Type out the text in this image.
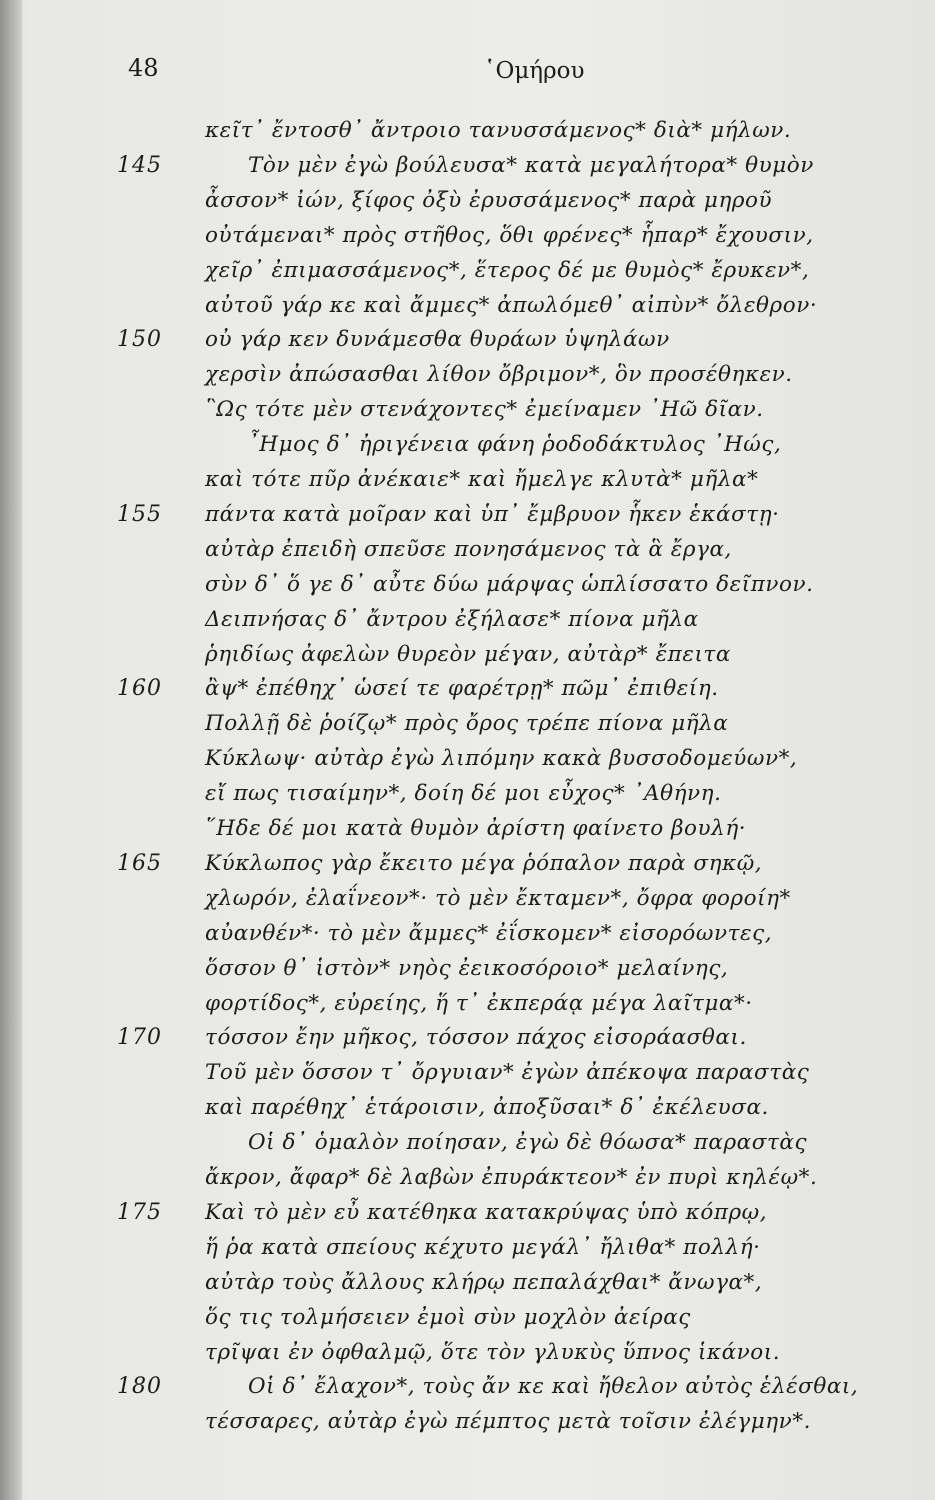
48	῾Ομήρου
κεῖτ᾽ ἔντοσθ᾽ ἄντροιο τανυσσάμενος* διὰ* μήλων.
145	Τὸν μὲν ἐγὼ βούλευσα* κατὰ μεγαλήτορα* θυμὸν
ἆσσον* ἰών, ξίφος ὀξὺ ἐρυσσάμενος* παρὰ μηροῦ
οὐτάμεναι* πρὸς στῆθος, ὅθι φρένες* ἧπαρ* ἔχουσιν,
χεῖρ᾽ ἐπιμασσάμενος*, ἕτερος δέ με θυμὸς* ἔρυκεν*,
αὐτοῦ γάρ κε καὶ ἄμμες* ἀπωλόμεθ᾽ αἰπὺν* ὄλεθρον·
150 οὐ γάρ κεν δυνάμεσθα θυράων ὑψηλάων
χερσὶν ἀπώσασθαι λίθον ὄβριμον*, ὃν προσέθηκεν.
῝Ως τότε μὲν στενάχοντες* ἐμείναμεν ᾿Ηῶ δῖαν.
῏Ημος δ᾽ ἠριγένεια φάνη ῥοδοδάκτυλος ᾿Ηώς,
καὶ τότε πῦρ ἀνέκαιε* καὶ ἤμελγε κλυτὰ* μῆλα*
155 πάντα κατὰ μοῖραν καὶ ὑπ᾽ ἔμβρυον ἧκεν ἑκάστῃ·
αὐτὰρ ἐπειδὴ σπεῦσε πονησάμενος τὰ ἃ ἔργα,
σὺν δ᾽ ὅ γε δ᾽ αὖτε δύω μάρψας ὡπλίσσατο δεῖπνον.
Δειπνήσας δ᾽ ἄντρου ἐξήλασε* πίονα μῆλα
ῥηιδίως ἀφελὼν θυρεὸν μέγαν, αὐτὰρ* ἔπειτα
160 ἂψ* ἐπέθηχ᾽ ὡσεί τε φαρέτρῃ* πῶμ᾽ ἐπιθείη.
Πολλῇ δὲ ῥοίζῳ* πρὸς ὄρος τρέπε πίονα μῆλα
Κύκλωψ· αὐτὰρ ἐγὼ λιπόμην κακὰ βυσσοδομεύων*,
εἴ πως τισαίμην*, δοίη δέ μοι εὖχος* ᾿Αθήνη.
῞Ηδε δέ μοι κατὰ θυμὸν ἀρίστη φαίνετο βουλή·
165 Κύκλωπος γὰρ ἔκειτο μέγα ῥόπαλον παρὰ σηκῷ,
χλωρόν, ἐλαΐνεον*· τὸ μὲν ἔκταμεν*, ὄφρα φοροίη*
αὐανθέν*· τὸ μὲν ἄμμες* ἐΐσκομεν* εἰσορόωντες,
ὅσσον θ᾽ ἱστὸν* νηὸς ἐεικοσόροιο* μελαίνης,
φορτίδος*, εὐρείης, ἥ τ᾽ ἐκπεράᾳ μέγα λαῖτμα*·
170 τόσσον ἔην μῆκος, τόσσον πάχος εἰσοράασθαι.
Τοῦ μὲν ὅσσον τ᾽ ὄργυιαν* ἐγὼν ἀπέκοψα παραστὰς
καὶ παρέθηχ᾽ ἑτάροισιν, ἀποξῦσαι* δ᾽ ἐκέλευσα.
Οἱ δ᾽ ὁμαλὸν ποίησαν, ἐγὼ δὲ θόωσα* παραστὰς
ἄκρον, ἄφαρ* δὲ λαβὼν ἐπυράκτεον* ἐν πυρὶ κηλέῳ*.
175 Καὶ τὸ μὲν εὖ κατέθηκα κατακρύψας ὑπὸ κόπρῳ,
ἥ ῥα κατὰ σπείους κέχυτο μεγάλ᾽ ἤλιθα* πολλή·
αὐτὰρ τοὺς ἄλλους κλήρῳ πεπαλάχθαι* ἄνωγα*,
ὅς τις τολμήσειεν ἐμοὶ σὺν μοχλὸν ἀείρας
τρῖψαι ἐν ὀφθαλμῷ, ὅτε τὸν γλυκὺς ὕπνος ἱκάνοι.
180	Οἱ δ᾽ ἔλαχον*, τοὺς ἄν κε καὶ ἤθελον αὐτὸς ἑλέσθαι,
τέσσαρες, αὐτὰρ ἐγὼ πέμπτος μετὰ τοῖσιν ἐλέγμην*.
